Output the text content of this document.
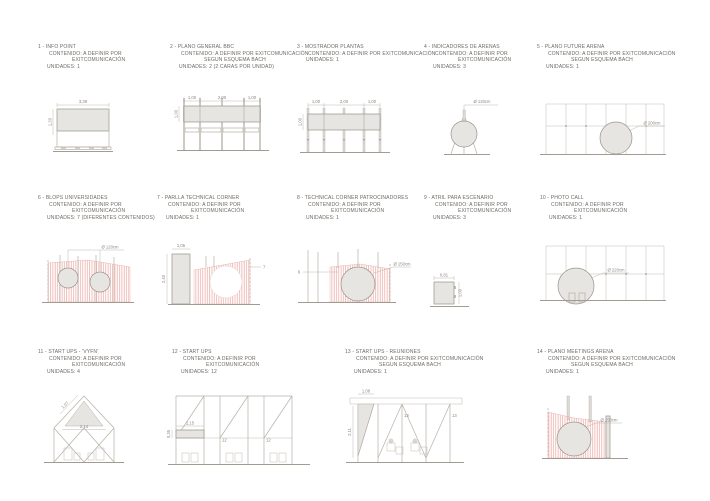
1 - INFO POINT
CONTENIDO: A DEFINIR POR
EXITCOMUNICACIÓN
UNIDADES: 1
2 - PLANO GENERAL BBC
CONTENIDO: A DEFINIR POR EXITCOMUNICACIÓN
SEGUN ESQUEMA BACH
UNIDADES: 2 (2 CARAS POR UNIDAD)
3 - MOSTRADOR PLANTAS
CONTENIDO: A DEFINIR POR EXITCOMUNICACIÓN
UNIDADES: 1
4 - INDICADORES DE ARENAS
CONTENIDO: A DEFINIR POR
EXITCOMUNICACIÓN
UNIDADES: 3
5 - PLANO FUTURE ARENA
CONTENIDO: A DEFINIR POR EXITCOMUNICACIÓN
SEGUN ESQUEMA BACH
UNIDADES: 1
6 - BLOPS UNIVERSIDADES
CONTENIDO: A DEFINIR POR
EXITCOMUNICACIÓN
UNIDADES: 7 (DIFERENTES CONTENIDOS)
7 - PARLLA TECHNICAL CORNER
CONTENIDO: A DEFINIR POR
EXITCOMUNICACIÓN
UNIDADES: 1
8 - TECHNICAL CORNER PATROCINADORES
CONTENIDO: A DEFINIR POR
EXITCOMUNICACIÓN
UNIDADES: 1
9 - ATRIL PARA ESCENARIO
CONTENIDO: A DEFINIR POR
EXITCOMUNICACIÓN
UNIDADES: 3
10 - PHOTO CALL
CONTENIDO: A DEFINIR POR
EXITCOMUNICACIÓN
UNIDADES: 1
11 - START UPS - 'VYFN'
CONTENIDO: A DEFINIR POR
EXITCOMUNICACIÓN
UNIDADES: 4
12 - START UPS
CONTENIDO: A DEFINIR POR
EXITCOMUNICACIÓN
UNIDADES: 12
13 - START UPS - REUNIONES
CONTENIDO: A DEFINIR POR EXITCOMUNICACIÓN
SEGUN ESQUEMA BACH
UNIDADES: 1
14 - PLANO MEETINGS ARENA
CONTENIDO: A DEFINIR POR EXITCOMUNICACIÓN
SEGUN ESQUEMA BACH
UNIDADES: 1
3,39
1,20
1,00	2,00	1,00
1,00
1,00	2,00	1,00
1,00
Ø 120cm
Ø 200cm
Ø 120cm	1,05
2,40
7
6
Ø 150cm
0,81
1,00
Ø 220cm
1,07
2,14
1,15
0,35
12	12
13	13
1,08
2,11
Ø 150cm
